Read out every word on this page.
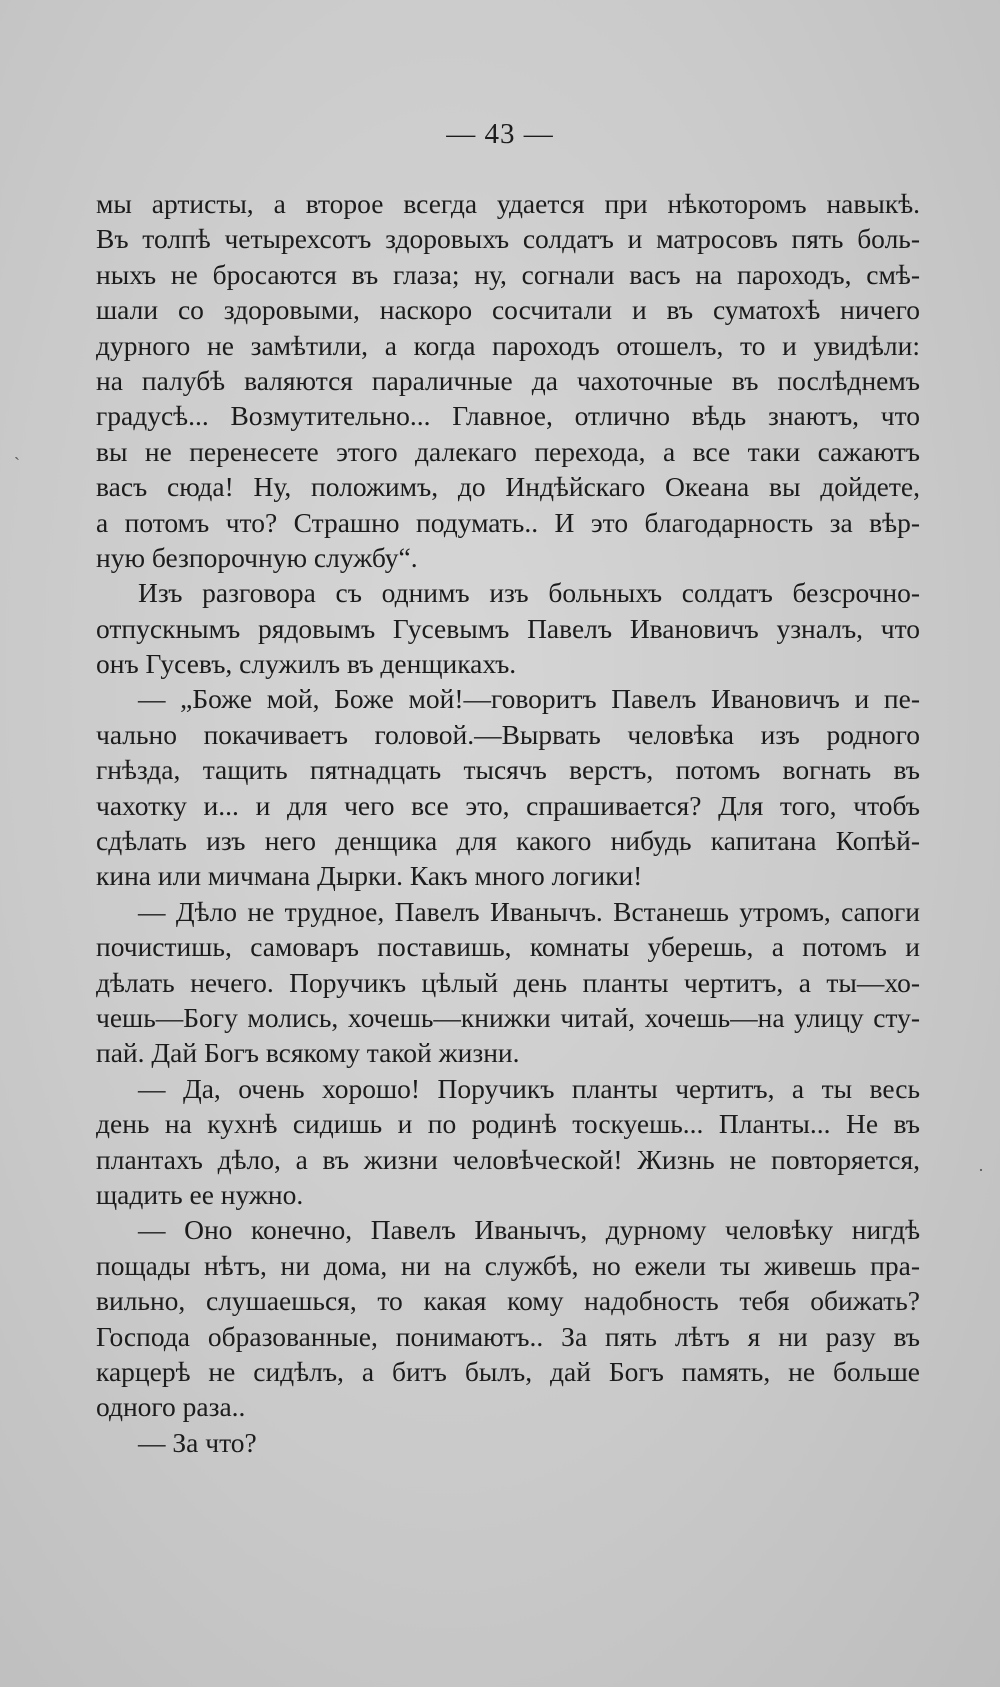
— 43 —
мы артисты, а второе всегда удается при нѣкоторомъ навыкѣ.
Въ толпѣ четырехсотъ здоровыхъ солдатъ и матросовъ пять боль-
ныхъ не бросаются въ глаза; ну, согнали васъ на пароходъ, смѣ-
шали со здоровыми, наскоро сосчитали и въ суматохѣ ничего
дурного не замѣтили, а когда пароходъ отошелъ, то и увидѣли:
на палубѣ валяются параличные да чахоточные въ послѣднемъ
градусѣ... Возмутительно... Главное, отлично вѣдь знаютъ, что
вы не перенесете этого далекаго перехода, а все таки сажаютъ
васъ сюда! Ну, положимъ, до Индѣйскаго Океана вы дойдете,
а потомъ что? Страшно подумать.. И это благодарность за вѣр-
ную безпорочную службу“.
Изъ разговора съ однимъ изъ больныхъ солдатъ безсрочно-
отпускнымъ рядовымъ Гусевымъ Павелъ Ивановичъ узналъ, что
онъ Гусевъ, служилъ въ денщикахъ.
— „Боже мой, Боже мой!—говоритъ Павелъ Ивановичъ и пе-
чально покачиваетъ головой.—Вырвать человѣка изъ родного
гнѣзда, тащить пятнадцать тысячъ верстъ, потомъ вогнать въ
чахотку и... и для чего все это, спрашивается? Для того, чтобъ
сдѣлать изъ него денщика для какого нибудь капитана Копѣй-
кина или мичмана Дырки. Какъ много логики!
— Дѣло не трудное, Павелъ Иванычъ. Встанешь утромъ, сапоги
почистишь, самоваръ поставишь, комнаты уберешь, а потомъ и
дѣлать нечего. Поручикъ цѣлый день планты чертитъ, а ты—хо-
чешь—Богу молись, хочешь—книжки читай, хочешь—на улицу сту-
пай. Дай Богъ всякому такой жизни.
— Да, очень хорошо! Поручикъ планты чертитъ, а ты весь
день на кухнѣ сидишь и по родинѣ тоскуешь... Планты... Не въ
плантахъ дѣло, а въ жизни человѣческой! Жизнь не повторяется,
щадить ее нужно.
— Оно конечно, Павелъ Иванычъ, дурному человѣку нигдѣ
пощады нѣтъ, ни дома, ни на службѣ, но ежели ты живешь пра-
вильно, слушаешься, то какая кому надобность тебя обижать?
Господа образованные, понимаютъ.. За пять лѣтъ я ни разу въ
карцерѣ не сидѣлъ, а битъ былъ, дай Богъ память, не больше
одного раза..
— За что?
ˎ
·
